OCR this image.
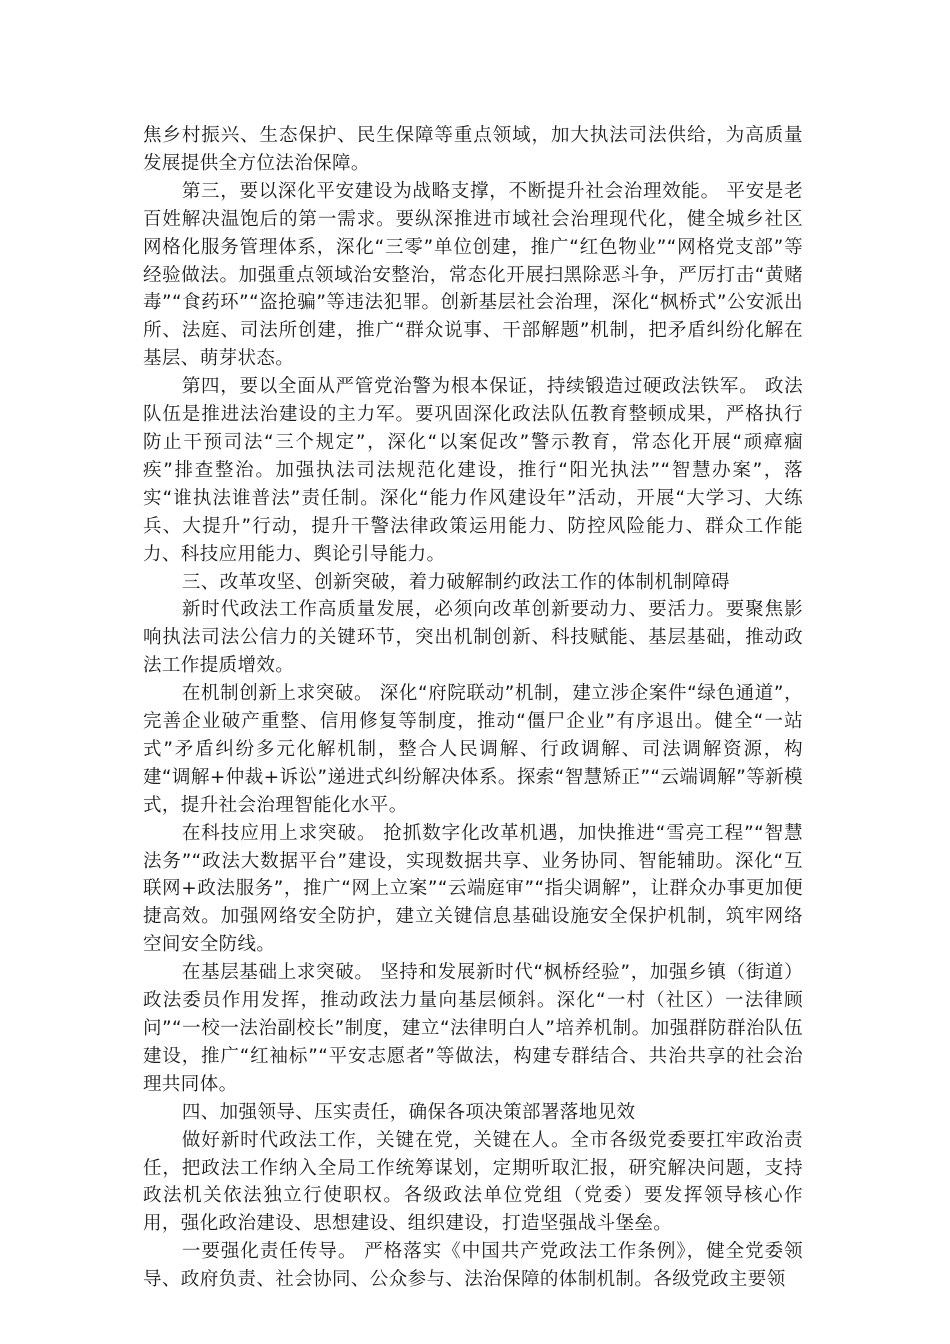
焦乡村振兴、生态保护、民生保障等重点领域，加大执法司法供给，为高质量发展提供全方位法治保障。

第三，要以深化平安建设为战略支撑，不断提升社会治理效能。 平安是老百姓解决温饱后的第一需求。要纵深推进市域社会治理现代化，健全城乡社区网格化服务管理体系，深化“三零”单位创建，推广“红色物业”“网格党支部”等经验做法。加强重点领域治安整治，常态化开展扫黑除恶斗争，严厉打击“黄赌毒”“食药环”“盗抢骗”等违法犯罪。创新基层社会治理，深化“枫桥式”公安派出所、法庭、司法所创建，推广“群众说事、干部解题”机制，把矛盾纠纷化解在基层、萌芽状态。

第四，要以全面从严管党治警为根本保证，持续锻造过硬政法铁军。 政法队伍是推进法治建设的主力军。要巩固深化政法队伍教育整顿成果，严格执行防止干预司法“三个规定”，深化“以案促改”警示教育，常态化开展“顽瘴痼疾”排查整治。加强执法司法规范化建设，推行“阳光执法”“智慧办案”，落实“谁执法谁普法”责任制。深化“能力作风建设年”活动，开展“大学习、大练兵、大提升”行动，提升干警法律政策运用能力、防控风险能力、群众工作能力、科技应用能力、舆论引导能力。

三、改革攻坚、创新突破，着力破解制约政法工作的体制机制障碍

新时代政法工作高质量发展，必须向改革创新要动力、要活力。要聚焦影响执法司法公信力的关键环节，突出机制创新、科技赋能、基层基础，推动政法工作提质增效。

在机制创新上求突破。 深化“府院联动”机制，建立涉企案件“绿色通道”，完善企业破产重整、信用修复等制度，推动“僵尸企业”有序退出。健全“一站式”矛盾纠纷多元化解机制，整合人民调解、行政调解、司法调解资源，构建“调解+仲裁+诉讼”递进式纠纷解决体系。探索“智慧矫正”“云端调解”等新模式，提升社会治理智能化水平。

在科技应用上求突破。 抢抓数字化改革机遇，加快推进“雪亮工程”“智慧法务”“政法大数据平台”建设，实现数据共享、业务协同、智能辅助。深化“互联网+政法服务”，推广“网上立案”“云端庭审”“指尖调解”，让群众办事更加便捷高效。加强网络安全防护，建立关键信息基础设施安全保护机制，筑牢网络空间安全防线。

在基层基础上求突破。 坚持和发展新时代“枫桥经验”，加强乡镇（街道）政法委员作用发挥，推动政法力量向基层倾斜。深化“一村（社区）一法律顾问”“一校一法治副校长”制度，建立“法律明白人”培养机制。加强群防群治队伍建设，推广“红袖标”“平安志愿者”等做法，构建专群结合、共治共享的社会治理共同体。

四、加强领导、压实责任，确保各项决策部署落地见效

做好新时代政法工作，关键在党，关键在人。全市各级党委要扛牢政治责任，把政法工作纳入全局工作统筹谋划，定期听取汇报，研究解决问题，支持政法机关依法独立行使职权。各级政法单位党组（党委）要发挥领导核心作用，强化政治建设、思想建设、组织建设，打造坚强战斗堡垒。

一要强化责任传导。 严格落实《中国共产党政法工作条例》，健全党委领导、政府负责、社会协同、公众参与、法治保障的体制机制。各级党政主要领
